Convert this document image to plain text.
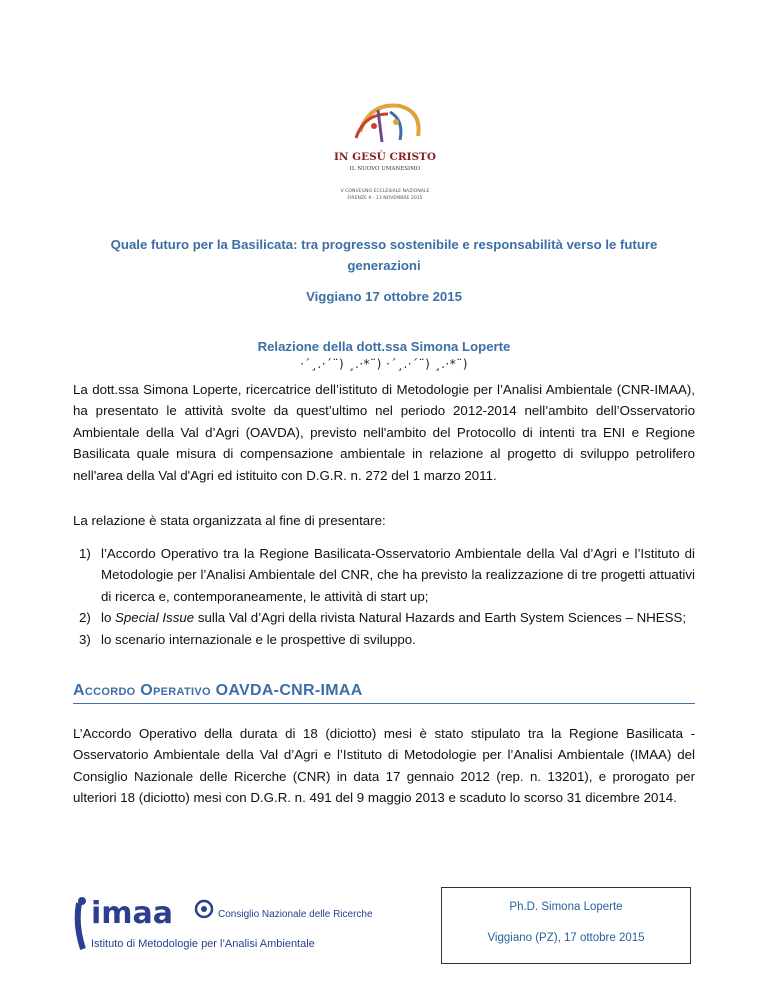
IN GESÙ CRISTO
IL NUOVO UMANESIMO
V CONVEGNO ECCLESIALE NAZIONALE
FIRENZE 9 - 13 NOVEMBRE 2015
Quale futuro per la Basilicata: tra progresso sostenibile e responsabilità verso le future
generazioni
Viggiano 17 ottobre 2015
Relazione della dott.ssa Simona Loperte
·´¸.·´¨) ¸.·*¨) ·´¸.·´¨) ¸.·*¨)
La dott.ssa Simona Loperte, ricercatrice dell’istituto di Metodologie per l’Analisi Ambientale (CNR-IMAA), ha presentato le attività svolte da quest’ultimo nel periodo 2012-2014 nell’ambito dell’Osservatorio Ambientale della Val d’Agri (OAVDA), previsto nell'ambito del Protocollo di intenti tra ENI e Regione Basilicata quale misura di compensazione ambientale in relazione al progetto di sviluppo petrolifero nell'area della Val d'Agri ed istituito con D.G.R. n. 272 del 1 marzo 2011.
La relazione è stata organizzata al fine di presentare:
1) l’Accordo Operativo tra la Regione Basilicata-Osservatorio Ambientale della Val d’Agri e l’Istituto di Metodologie per l’Analisi Ambientale del CNR, che ha previsto la realizzazione di tre progetti attuativi di ricerca e, contemporaneamente, le attività di start up;
2) lo Special Issue sulla Val d’Agri della rivista Natural Hazards and Earth System Sciences – NHESS;
3) lo scenario internazionale e le prospettive di sviluppo.
Accordo Operativo OAVDA-CNR-IMAA
L’Accordo Operativo della durata di 18 (diciotto) mesi è stato stipulato tra la Regione Basilicata - Osservatorio Ambientale della Val d’Agri e l’Istituto di Metodologie per l’Analisi Ambientale (IMAA) del Consiglio Nazionale delle Ricerche (CNR) in data 17 gennaio 2012 (rep. n. 13201), e prorogato per ulteriori 18 (diciotto) mesi con D.G.R. n. 491 del 9 maggio 2013 e scaduto lo scorso 31 dicembre 2014.
imaa	Consiglio Nazionale delle Ricerche
Istituto di Metodologie per l’Analisi Ambientale
Ph.D. Simona Loperte
Viggiano (PZ), 17 ottobre 2015
